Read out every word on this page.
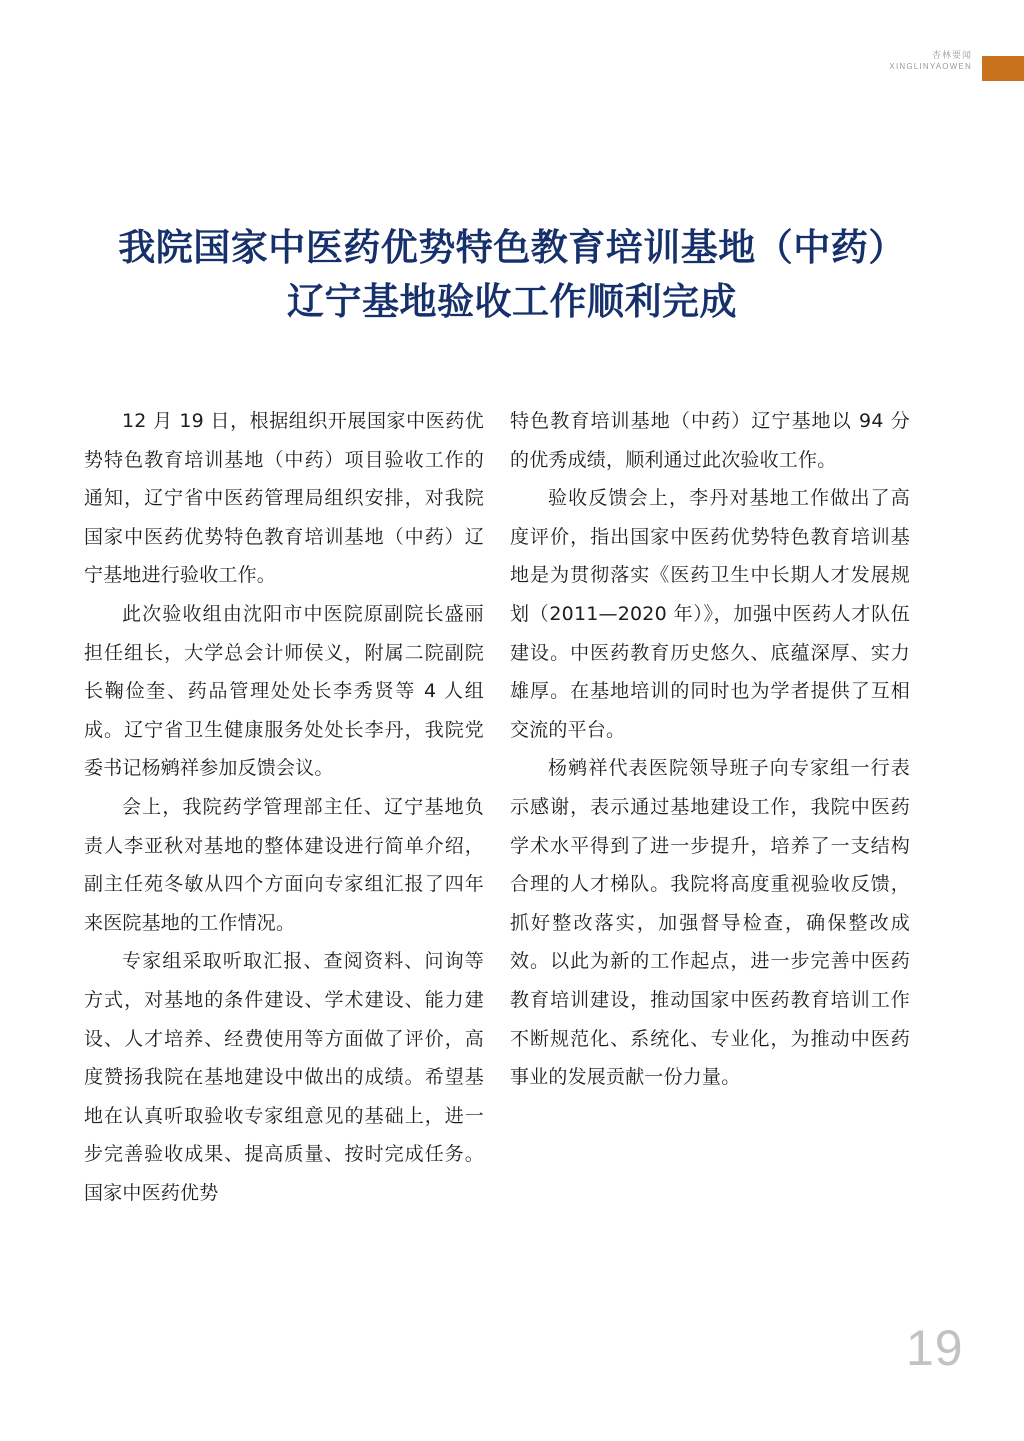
杏林要闻
XINGLINYAOWEN
我院国家中医药优势特色教育培训基地（中药）
辽宁基地验收工作顺利完成

12 月 19 日，根据组织开展国家中医药优势特色教育培训基地（中药）项目验收工作的通知，辽宁省中医药管理局组织安排，对我院国家中医药优势特色教育培训基地（中药）辽宁基地进行验收工作。

此次验收组由沈阳市中医院原副院长盛丽担任组长，大学总会计师侯义，附属二院副院长鞠俭奎、药品管理处处长李秀贤等 4 人组成。辽宁省卫生健康服务处处长李丹，我院党委书记杨鹓祥参加反馈会议。

会上，我院药学管理部主任、辽宁基地负责人李亚秋对基地的整体建设进行简单介绍，副主任苑冬敏从四个方面向专家组汇报了四年来医院基地的工作情况。

专家组采取听取汇报、查阅资料、问询等方式，对基地的条件建设、学术建设、能力建设、人才培养、经费使用等方面做了评价，高度赞扬我院在基地建设中做出的成绩。希望基地在认真听取验收专家组意见的基础上，进一步完善验收成果、提高质量、按时完成任务。国家中医药优势

特色教育培训基地（中药）辽宁基地以 94 分的优秀成绩，顺利通过此次验收工作。

验收反馈会上，李丹对基地工作做出了高度评价，指出国家中医药优势特色教育培训基地是为贯彻落实《医药卫生中长期人才发展规划（2011—2020 年）》，加强中医药人才队伍建设。中医药教育历史悠久、底蕴深厚、实力雄厚。在基地培训的同时也为学者提供了互相交流的平台。

杨鹓祥代表医院领导班子向专家组一行表示感谢，表示通过基地建设工作，我院中医药学术水平得到了进一步提升，培养了一支结构合理的人才梯队。我院将高度重视验收反馈，抓好整改落实，加强督导检查，确保整改成效。以此为新的工作起点，进一步完善中医药教育培训建设，推动国家中医药教育培训工作不断规范化、系统化、专业化，为推动中医药事业的发展贡献一份力量。

19
